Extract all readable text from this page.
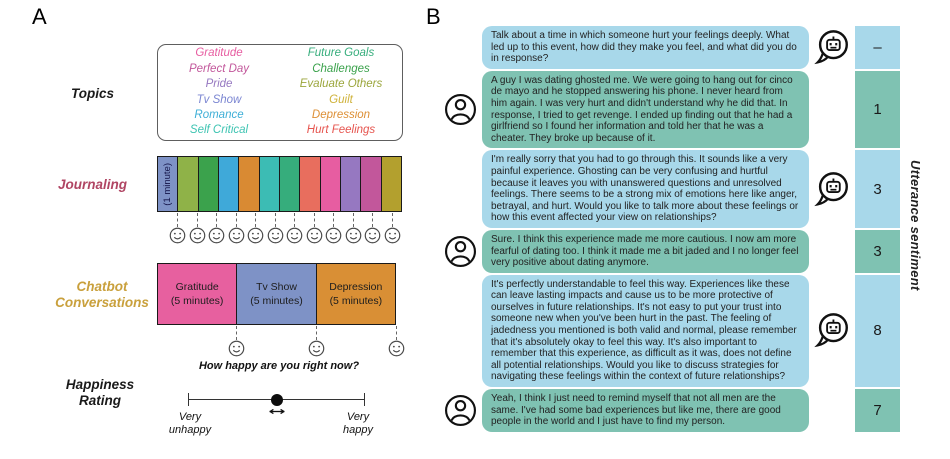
A
Topics
Gratitude
Perfect Day
Pride
Tv Show
Romance
Self Critical
Future Goals
Challenges
Evaluate Others
Guilt
Depression
Hurt Feelings
Journaling	(1 minute)
Chatbot Conversations
Gratitude
(5 minutes)
Tv Show
(5 minutes)
Depression
(5 minutes)
Happiness Rating
How happy are you right now?
Very unhappy
Very happy
B
Talk about a time in which someone hurt your feelings deeply. What led up to this event, how did they make you feel, and what did you do in response?
–
A guy I was dating ghosted me. We were going to hang out for cinco de mayo and he stopped answering his phone. I never heard from him again. I was very hurt and didn't understand why he did that. In response, I tried to get revenge. I ended up finding out that he had a girlfriend so I found her information and told her that he was a cheater. They broke up because of it.
1
I'm really sorry that you had to go through this. It sounds like a very painful experience. Ghosting can be very confusing and hurtful because it leaves you with unanswered questions and unresolved feelings. There seems to be a strong mix of emotions here like anger, betrayal, and hurt. Would you like to talk more about these feelings or how this event affected your view on relationships?
3
Sure. I think this experience made me more cautious. I now am more fearful of dating too. I think it made me a bit jaded and I no longer feel very positive about dating anymore.
3
It's perfectly understandable to feel this way. Experiences like these can leave lasting impacts and cause us to be more protective of ourselves in future relationships. It's not easy to put your trust into someone new when you've been hurt in the past. The feeling of jadedness you mentioned is both valid and normal, please remember that it's absolutely okay to feel this way. It's also important to remember that this experience, as difficult as it was, does not define all potential relationships. Would you like to discuss strategies for navigating these feelings within the context of future relationships?
8
Yeah, I think I just need to remind myself that not all men are the same. I've had some bad experiences but like me, there are good people in the world and I just have to find my person.
7
Utterance sentiment
